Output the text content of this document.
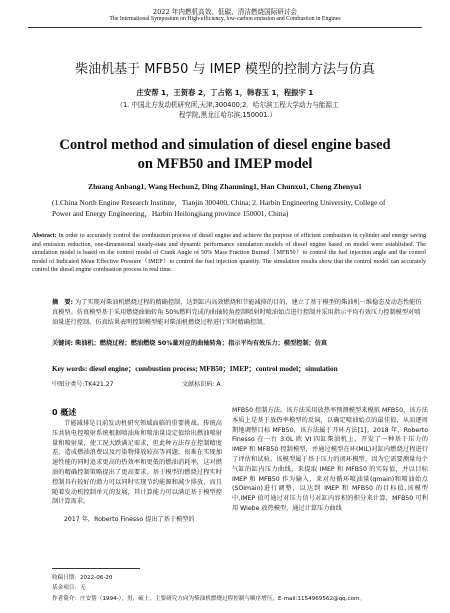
2022 年内燃机高效、低碳、清洁燃烧国际研讨会
The International Symposium on High-efficiency, low-carbon emission and Combustion in Engines
柴油机基于 MFB50 与 IMEP 模型的控制方法与仿真
庄安帮 1，王贺春 2，丁占铭 1，韩春玉 1，程振宇 1
（1. 中国北方发动机研究所,天津,300400;2．哈尔滨工程大学动力与能源工程学院,黑龙江哈尔滨,150001.）
Control method and simulation of diesel engine based
on MFB50 and IMEP model
Zhuang Anbang1, Wang Hechun2, Ding Zhanming1, Han Chunxu1, Cheng Zhenyu1
(1.China North Engine Research Institute，Tianjin 300400, China; 2. Harbin Engineering University, College of Power and Energy Engineering，Harbin Heilongjiang province 150001, China)
Abstract: In order to accurately control the combustion process of diesel engine and achieve the purpose of efficient combustion in cylinder and energy saving and emission reduction, one-dimensional steady-state and dynamic performance simulation models of diesel engine based on model were established. The simulation model is based on the control model of Crank Angle of 50% Mass Fraction Burned（MFB50）to control the fuel injection angle and the control model of Indicated Mean Effective Pressure（IMEP）to control the fuel injection quantity. The simulation results show that the control model can accurately control the diesel engine combustion process in real time.
摘　要: 为了实现对柴油机燃烧过程的精确控制，达到缸内高效燃烧和节能减排的目的，建立了基于模型的柴油机一维稳态及动态性能仿真模型。仿真模型基于采用燃烧曲轴转角 50%燃料完成的曲轴转角控制喷射时喷油始点进行控制并采用指示平均有效压力控制模型对喷油量进行控制。仿真结果表明控制模型能对柴油机燃烧过程进行实时精确控制。
关键词: 柴油机；燃烧过程；燃油燃烧 50%量对应的曲轴转角；指示平均有效压力；模型控制；仿真
Key words: diesel engine；combustion process; MFB50；IMEP；control model；simulation
中图分类号:TK421.27	文献标识码: A
0 概述
节能减排是目前发动机研究领域面临的重要挑战。传统高压共轨电控喷射系统根据喷油角和喷油量设定值给出燃油喷射量和喷射量，使工况大跌满足需求，但此种方法存在控制精度差、造成燃油浪费以及污染物排放较高等问题，很难在实现加速性能的同时追求更高的热效率和更低的燃油消耗率，这对燃油的精确控制策略提出了更高要求。基于模型的燃烧过程实时控制具有较好的潜力可以同时实现节约能源和减少排放，而且随着发动机控制单元的发展，其计算能力可以满足基于模型控制计算需求。
2017 年，Roberto Finesso 提出了基于模型的
MFB50 控制方法。该方法采用放热率预测模型来模拟 MFB50，该方法本质上是基于放热率模型的反演，以确定喷油始点的最佳值，从而逐周期地调整目标 MFB50，该方法属于开环方法[1]。2018 年，Roberto Finesso 在一台 3.0L 欧 VI 四缸柴油机上，开发了一种基于压力的 IMEP 和 MFB50 控制模型，并通过模型在环(MiL)对缸内燃烧过程进行了评估和试验。该模型属于基于压力的闭环模型，因为它需要测量每个气缸的缸内压力曲线，来提取 IMEP 和 MFB50 的实际值，并以目标 IMEP 和 MFB50 作为输入，来对每循环喷油量(qmain)和喷油始点(SOImain)进行调整，以达到 IMEP 和 MFB50 的目标值,该模型中,IMEP 值可通过对压力信号对缸内容积的积分来计算，MFB50 可利用 Wiebe 放热模型，通过计算压力曲线
收稿日期：2022-06-20
基金项目：无
作者简介：庄安帮（1994-），男，硕士，主要研究方向为柴油机燃烧过程控制与顺序增压，E-mail:1154969562@qq.com。
